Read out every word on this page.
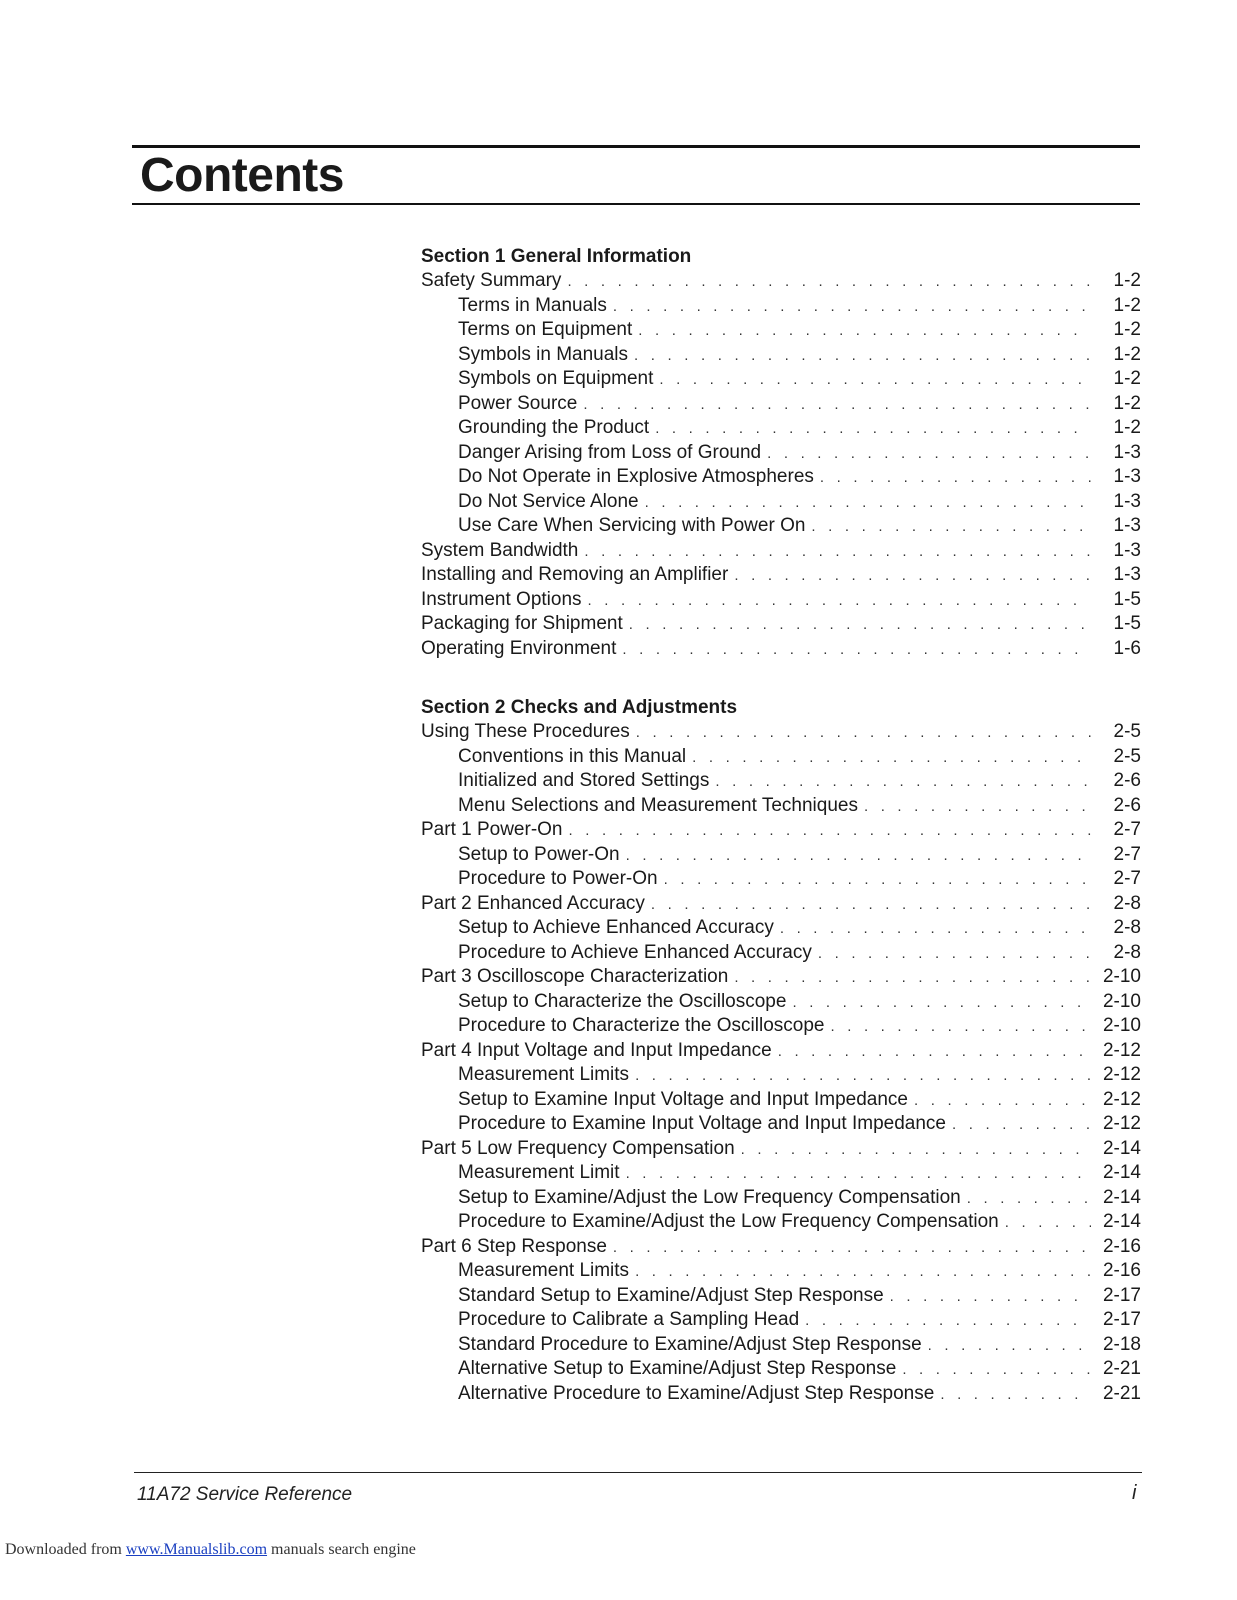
Contents
Section 1 General Information
Safety Summary . . .	1-2
Terms in Manuals . . .	1-2
Terms on Equipment . . .	1-2
Symbols in Manuals . . .	1-2
Symbols on Equipment . . .	1-2
Power Source . . .	1-2
Grounding the Product . . .	1-2
Danger Arising from Loss of Ground . . .	1-3
Do Not Operate in Explosive Atmospheres . . .	1-3
Do Not Service Alone . . .	1-3
Use Care When Servicing with Power On . . .	1-3
System Bandwidth . . .	1-3
Installing and Removing an Amplifier . . .	1-3
Instrument Options . . .	1-5
Packaging for Shipment . . .	1-5
Operating Environment . . .	1-6
Section 2 Checks and Adjustments
Using These Procedures . . .	2-5
Conventions in this Manual . . .	2-5
Initialized and Stored Settings . . .	2-6
Menu Selections and Measurement Techniques . . .	2-6
Part 1 Power-On . . .	2-7
Setup to Power-On . . .	2-7
Procedure to Power-On . . .	2-7
Part 2 Enhanced Accuracy . . .	2-8
Setup to Achieve Enhanced Accuracy . . .	2-8
Procedure to Achieve Enhanced Accuracy . . .	2-8
Part 3 Oscilloscope Characterization . . .	2-10
Setup to Characterize the Oscilloscope . . .	2-10
Procedure to Characterize the Oscilloscope . . .	2-10
Part 4 Input Voltage and Input Impedance . . .	2-12
Measurement Limits . . .	2-12
Setup to Examine Input Voltage and Input Impedance . . .	2-12
Procedure to Examine Input Voltage and Input Impedance . . .	2-12
Part 5 Low Frequency Compensation . . .	2-14
Measurement Limit . . .	2-14
Setup to Examine/Adjust the Low Frequency Compensation . . .	2-14
Procedure to Examine/Adjust the Low Frequency Compensation . . .	2-14
Part 6 Step Response . . .	2-16
Measurement Limits . . .	2-16
Standard Setup to Examine/Adjust Step Response . . .	2-17
Procedure to Calibrate a Sampling Head . . .	2-17
Standard Procedure to Examine/Adjust Step Response . . .	2-18
Alternative Setup to Examine/Adjust Step Response . . .	2-21
Alternative Procedure to Examine/Adjust Step Response . . .	2-21
11A72 Service Reference	i
Downloaded from www.Manualslib.com manuals search engine
